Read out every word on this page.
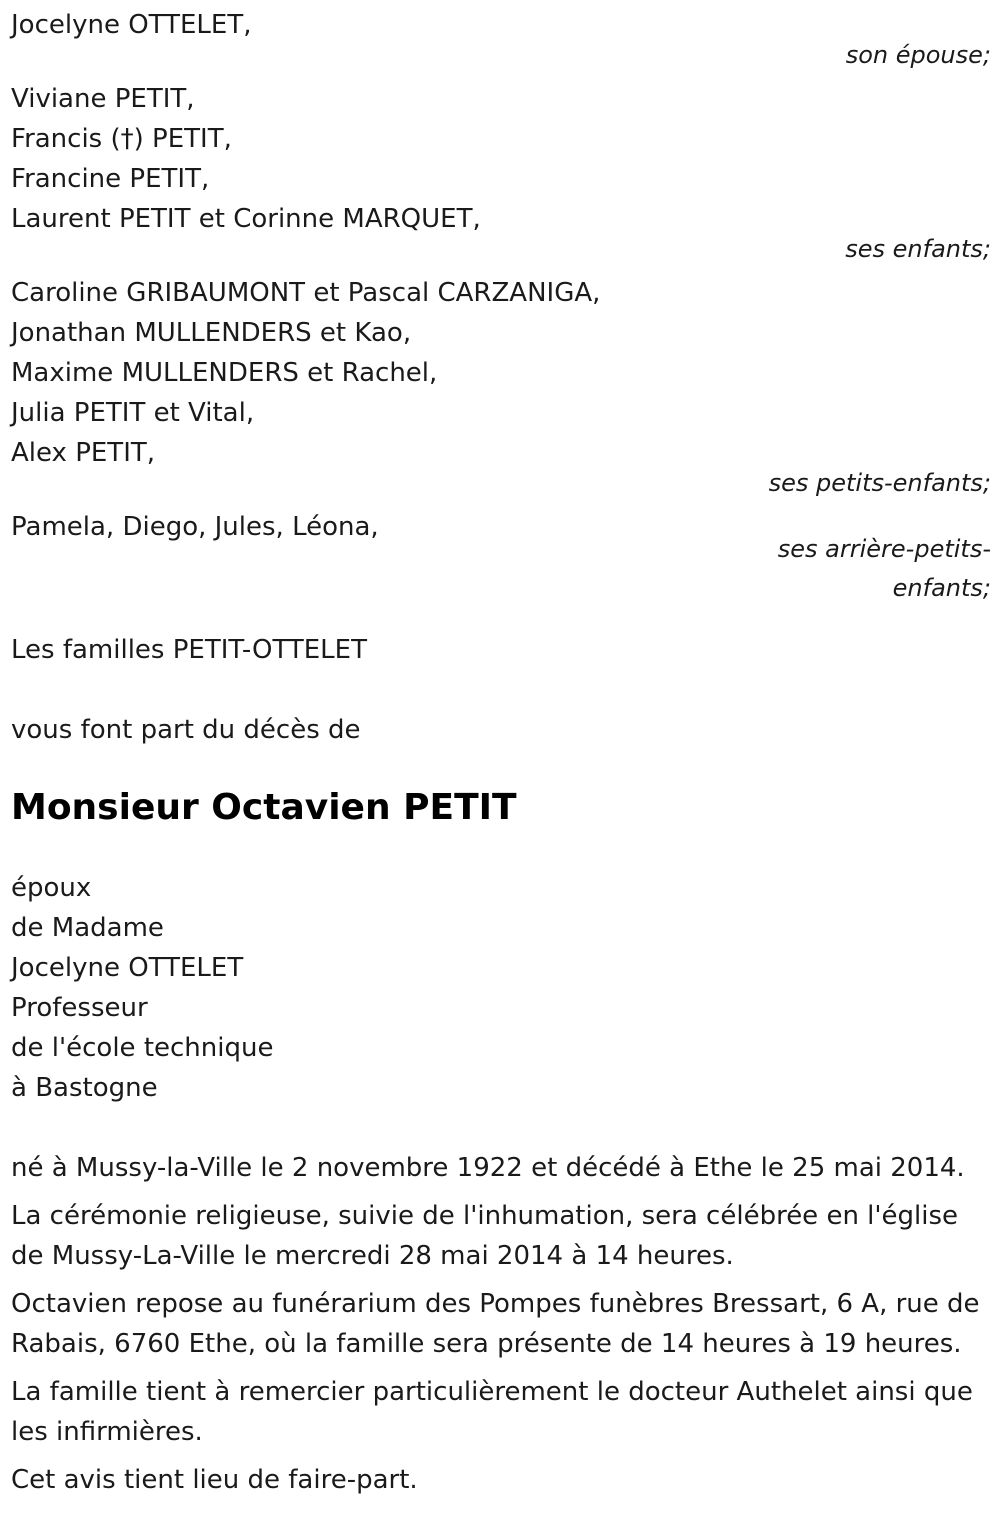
Jocelyne OTTELET,
son épouse;
Viviane PETIT,
Francis (†) PETIT,
Francine PETIT,
Laurent PETIT et Corinne MARQUET,
ses enfants;
Caroline GRIBAUMONT et Pascal CARZANIGA,
Jonathan MULLENDERS et Kao,
Maxime MULLENDERS et Rachel,
Julia PETIT et Vital,
Alex PETIT,
ses petits-enfants;
Pamela, Diego, Jules, Léona,
ses arrière-petits-
enfants;
Les familles PETIT-OTTELET
vous font part du décès de
Monsieur Octavien PETIT
époux
de Madame
Jocelyne OTTELET
Professeur
de l'école technique
à Bastogne

né à Mussy-la-Ville le 2 novembre 1922 et décédé à Ethe le 25 mai 2014.

La cérémonie religieuse, suivie de l'inhumation, sera célébrée en l'église de Mussy-La-Ville le mercredi 28 mai 2014 à 14 heures.

Octavien repose au funérarium des Pompes funèbres Bressart, 6 A, rue de Rabais, 6760 Ethe, où la famille sera présente de 14 heures à 19 heures.

La famille tient à remercier particulièrement le docteur Authelet ainsi que les infirmières.

Cet avis tient lieu de faire-part.
